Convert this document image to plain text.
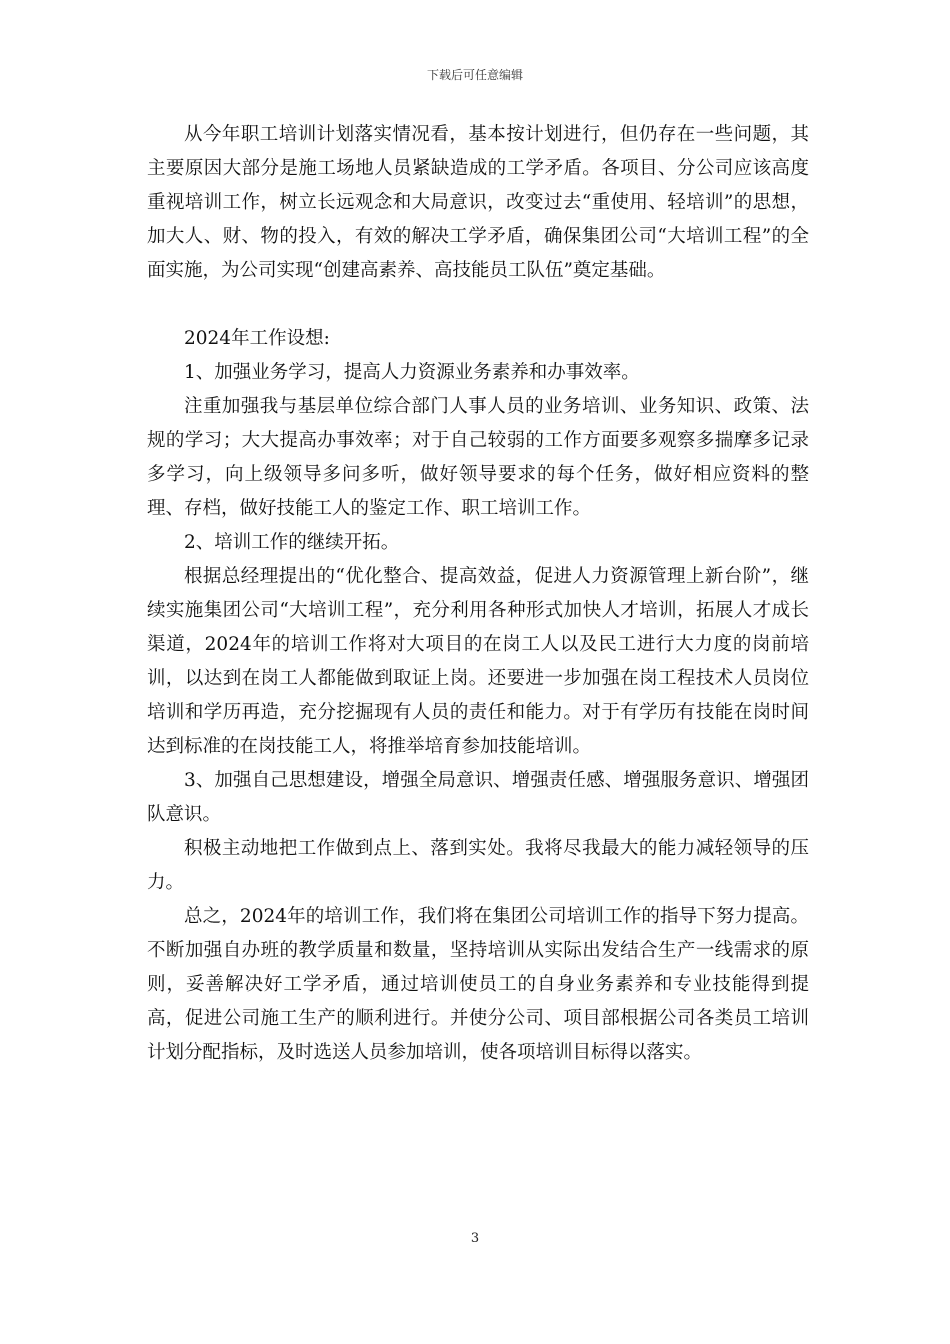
下载后可任意编辑

从今年职工培训计划落实情况看，基本按计划进行，但仍存在一些问题，其主要原因大部分是施工场地人员紧缺造成的工学矛盾。各项目、分公司应该高度重视培训工作，树立长远观念和大局意识，改变过去“重使用、轻培训”的思想，加大人、财、物的投入，有效的解决工学矛盾，确保集团公司“大培训工程”的全面实施，为公司实现“创建高素养、高技能员工队伍”奠定基础。

2024年工作设想:

1、加强业务学习，提高人力资源业务素养和办事效率。

注重加强我与基层单位综合部门人事人员的业务培训、业务知识、政策、法规的学习；大大提高办事效率；对于自己较弱的工作方面要多观察多揣摩多记录多学习，向上级领导多问多听，做好领导要求的每个任务，做好相应资料的整理、存档，做好技能工人的鉴定工作、职工培训工作。

2、培训工作的继续开拓。

根据总经理提出的“优化整合、提高效益，促进人力资源管理上新台阶”，继续实施集团公司“大培训工程”，充分利用各种形式加快人才培训，拓展人才成长渠道，2024年的培训工作将对大项目的在岗工人以及民工进行大力度的岗前培训，以达到在岗工人都能做到取证上岗。还要进一步加强在岗工程技术人员岗位培训和学历再造，充分挖掘现有人员的责任和能力。对于有学历有技能在岗时间达到标准的在岗技能工人，将推举培育参加技能培训。

3、加强自己思想建设，增强全局意识、增强责任感、增强服务意识、增强团队意识。

积极主动地把工作做到点上、落到实处。我将尽我最大的能力减轻领导的压力。

总之，2024年的培训工作，我们将在集团公司培训工作的指导下努力提高。不断加强自办班的教学质量和数量，坚持培训从实际出发结合生产一线需求的原则，妥善解决好工学矛盾，通过培训使员工的自身业务素养和专业技能得到提高，促进公司施工生产的顺利进行。并使分公司、项目部根据公司各类员工培训计划分配指标，及时选送人员参加培训，使各项培训目标得以落实。

3
